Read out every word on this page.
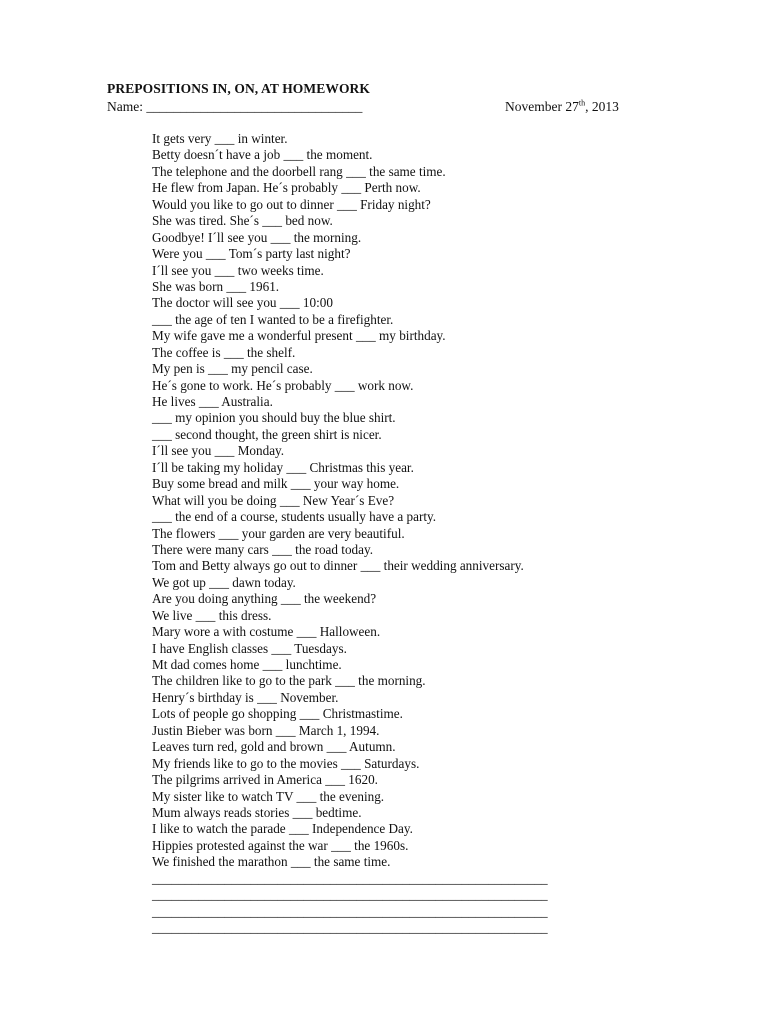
PREPOSITIONS IN, ON, AT HOMEWORK
Name: ________________________________	November 27th, 2013
It gets very ___ in winter.
Betty doesn´t have a job ___ the moment.
The telephone and the doorbell rang ___ the same time.
He flew from Japan. He´s probably ___ Perth now.
Would you like to go out to dinner ___ Friday night?
She was tired. She´s ___ bed now.
Goodbye! I´ll see you ___ the morning.
Were you ___ Tom´s party last night?
I´ll see you ___ two weeks time.
She was born ___ 1961.
The doctor will see you ___ 10:00
___ the age of ten I wanted to be a firefighter.
My wife gave me a wonderful present ___ my birthday.
The coffee is ___ the shelf.
My pen is ___ my pencil case.
He´s gone to work. He´s probably ___ work now.
He lives ___ Australia.
___ my opinion you should buy the blue shirt.
___ second thought, the green shirt is nicer.
I´ll see you ___ Monday.
I´ll be taking my holiday ___ Christmas this year.
Buy some bread and milk ___ your way home.
What will you be doing ___ New Year´s Eve?
___ the end of a course, students usually have a party.
The flowers ___ your garden are very beautiful.
There were many cars ___ the road today.
Tom and Betty always go out to dinner ___ their wedding anniversary.
We got up ___ dawn today.
Are you doing anything ___ the weekend?
We live ___ this dress.
Mary wore a with costume ___ Halloween.
I have English classes ___ Tuesdays.
Mt dad comes home ___ lunchtime.
The children like to go to the park ___ the morning.
Henry´s birthday is ___ November.
Lots of people go shopping ___ Christmastime.
Justin Bieber was born ___ March 1, 1994.
Leaves turn red, gold and brown ___ Autumn.
My friends like to go to the movies ___ Saturdays.
The pilgrims arrived in America ___ 1620.
My sister like to watch TV ___ the evening.
Mum always reads stories ___ bedtime.
I like to watch the parade ___ Independence Day.
Hippies protested against the war ___ the 1960s.
We finished the marathon ___ the same time.
____________________________________________________________
____________________________________________________________
____________________________________________________________
____________________________________________________________
